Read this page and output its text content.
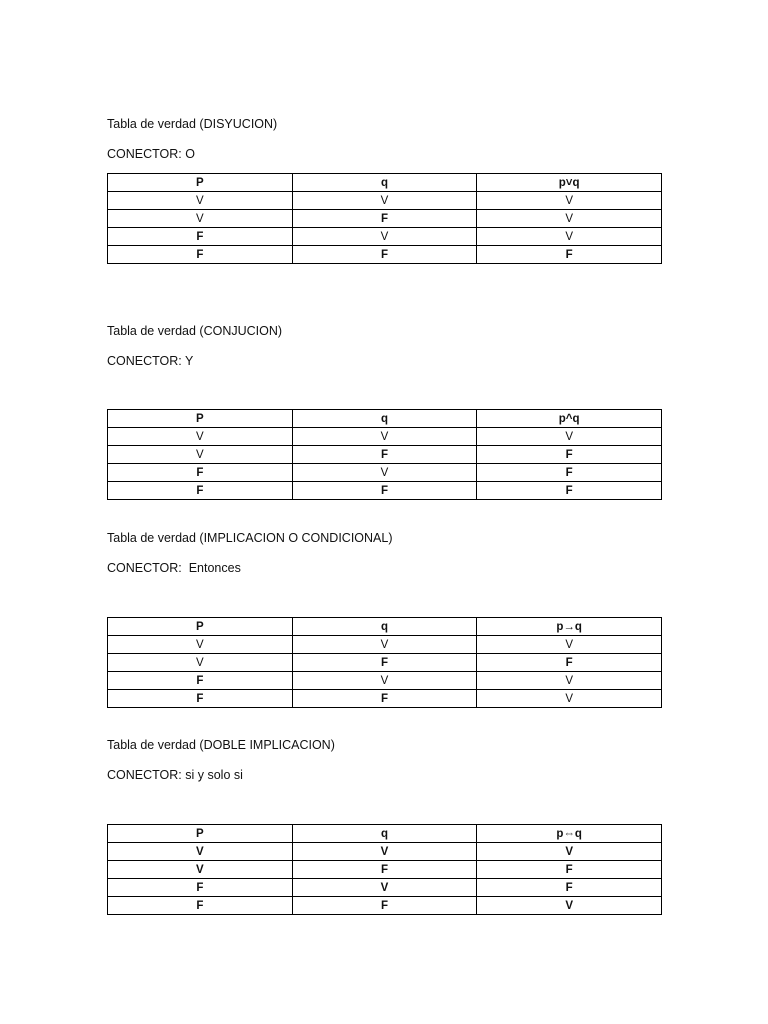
Tabla de verdad (DISYUCION)
CONECTOR: O
P	q	p˅q
V	V	V
V	F	V
F	V	V
F	F	F
Tabla de verdad (CONJUCION)
CONECTOR: Y
P	q	p^q
V	V	V
V	F	F
F	V	F
F	F	F
Tabla de verdad (IMPLICACION O CONDICIONAL)
CONECTOR:  Entonces
P	q	p→q
V	V	V
V	F	F
F	V	V
F	F	V
Tabla de verdad (DOBLE IMPLICACION)
CONECTOR: si y solo si
P	q	p⇔q
V	V	V
V	F	F
F	V	F
F	F	V
